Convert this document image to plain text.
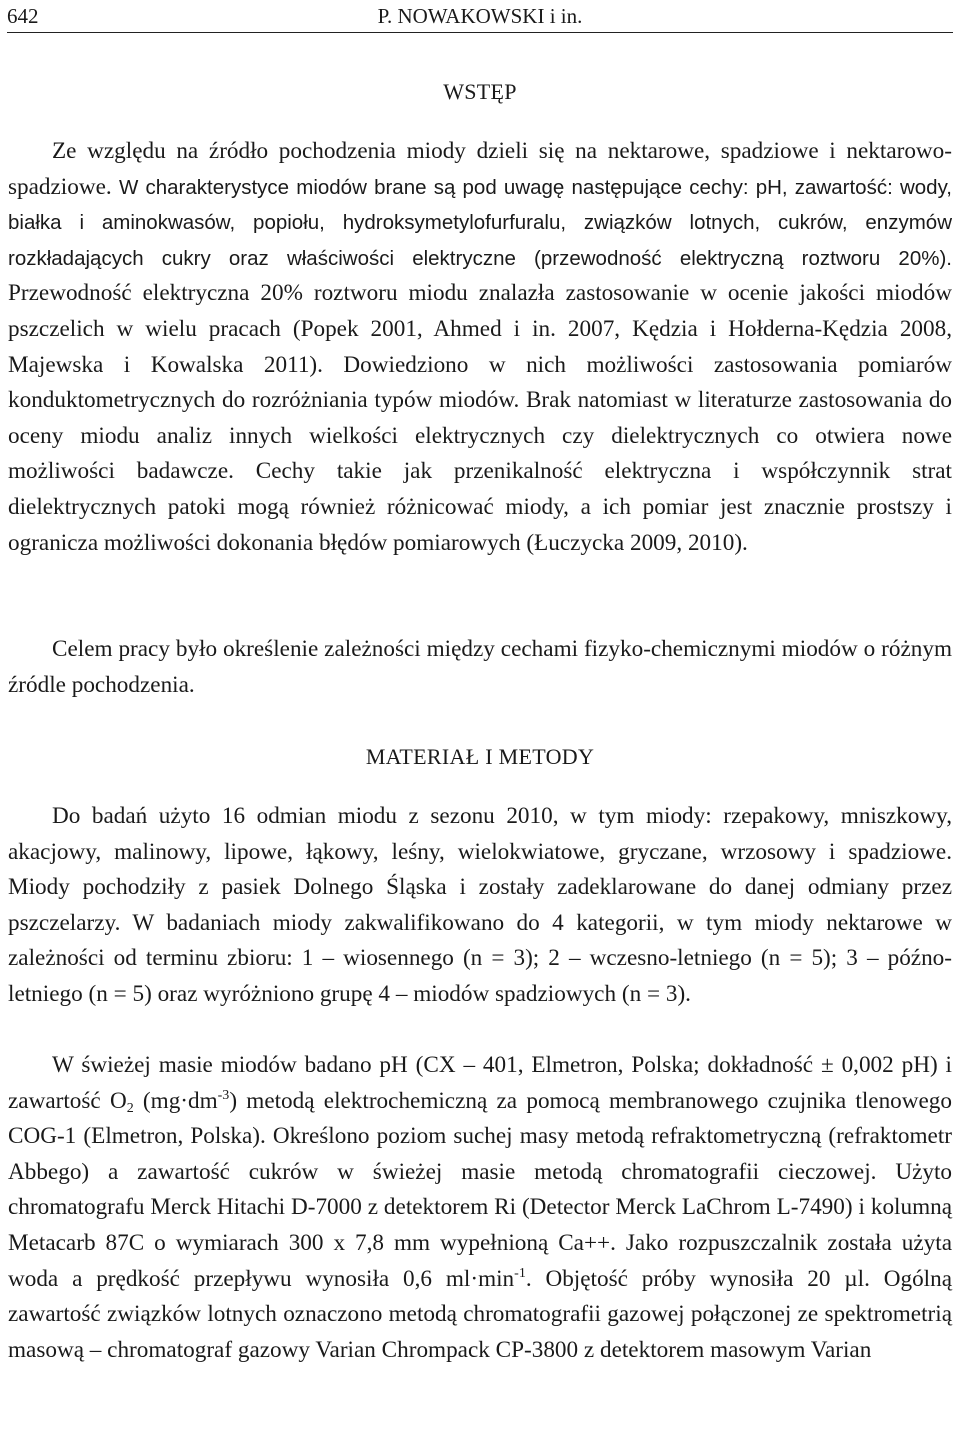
642	P. NOWAKOWSKI i in.
WSTĘP

Ze względu na źródło pochodzenia miody dzieli się na nektarowe, spadziowe i nektarowo-spadziowe. W charakterystyce miodów brane są pod uwagę następujące cechy: pH, zawartość: wody, białka i aminokwasów, popiołu, hydroksymetylofurfuralu, związków lotnych, cukrów, enzymów rozkładających cukry oraz właściwości elektryczne (przewodność elektryczną roztworu 20%). Przewodność elektryczna 20% roztworu miodu znalazła zastosowanie w ocenie jakości miodów pszczelich w wielu pracach (Popek 2001, Ahmed i in. 2007, Kędzia i Hołderna-Kędzia 2008, Majewska i Kowalska 2011). Dowiedziono w nich możliwości zastosowania pomiarów konduktometrycznych do rozróżniania typów miodów. Brak natomiast w literaturze zastosowania do oceny miodu analiz innych wielkości elektrycznych czy dielektrycznych co otwiera nowe możliwości badawcze. Cechy takie jak przenikalność elektryczna i współczynnik strat dielektrycznych patoki mogą również różnicować miody, a ich pomiar jest znacznie prostszy i ogranicza możliwości dokonania błędów pomiarowych (Łuczycka 2009, 2010).

Celem pracy było określenie zależności między cechami fizyko-chemicznymi miodów o różnym źródle pochodzenia.

MATERIAŁ I METODY

Do badań użyto 16 odmian miodu z sezonu 2010, w tym miody: rzepakowy, mniszkowy, akacjowy, malinowy, lipowe, łąkowy, leśny, wielokwiatowe, gryczane, wrzosowy i spadziowe. Miody pochodziły z pasiek Dolnego Śląska i zostały zadeklarowane do danej odmiany przez pszczelarzy. W badaniach miody zakwalifikowano do 4 kategorii, w tym miody nektarowe w zależności od terminu zbioru: 1 – wiosennego (n = 3); 2 – wczesno-letniego (n = 5); 3 – późno-letniego (n = 5) oraz wyróżniono grupę 4 – miodów spadziowych (n = 3).

W świeżej masie miodów badano pH (CX – 401, Elmetron, Polska; dokładność ± 0,002 pH) i zawartość $O_2$ $(mg\cdot dm^{-3})$ metodą elektrochemiczną za pomocą membranowego czujnika tlenowego COG-1 (Elmetron, Polska). Określono poziom suchej masy metodą refraktometryczną (refraktometr Abbego) a zawartość cukrów w świeżej masie metodą chromatografii cieczowej. Użyto chromatografu Merck Hitachi D-7000 z detektorem Ri (Detector Merck LaChrom L-7490) i kolumną Metacarb 87C o wymiarach 300 x 7,8 mm wypełnioną Ca++. Jako rozpuszczalnik została użyta woda a prędkość przepływu wynosiła 0,6 $ml\cdot\min^{-1}$. Objętość próby wynosiła 20 µl. Ogólną zawartość związków lotnych oznaczono metodą chromatografii gazowej połączonej ze spektrometrią masową – chromatograf gazowy Varian Chrompack CP-3800 z detektorem masowym Varian
